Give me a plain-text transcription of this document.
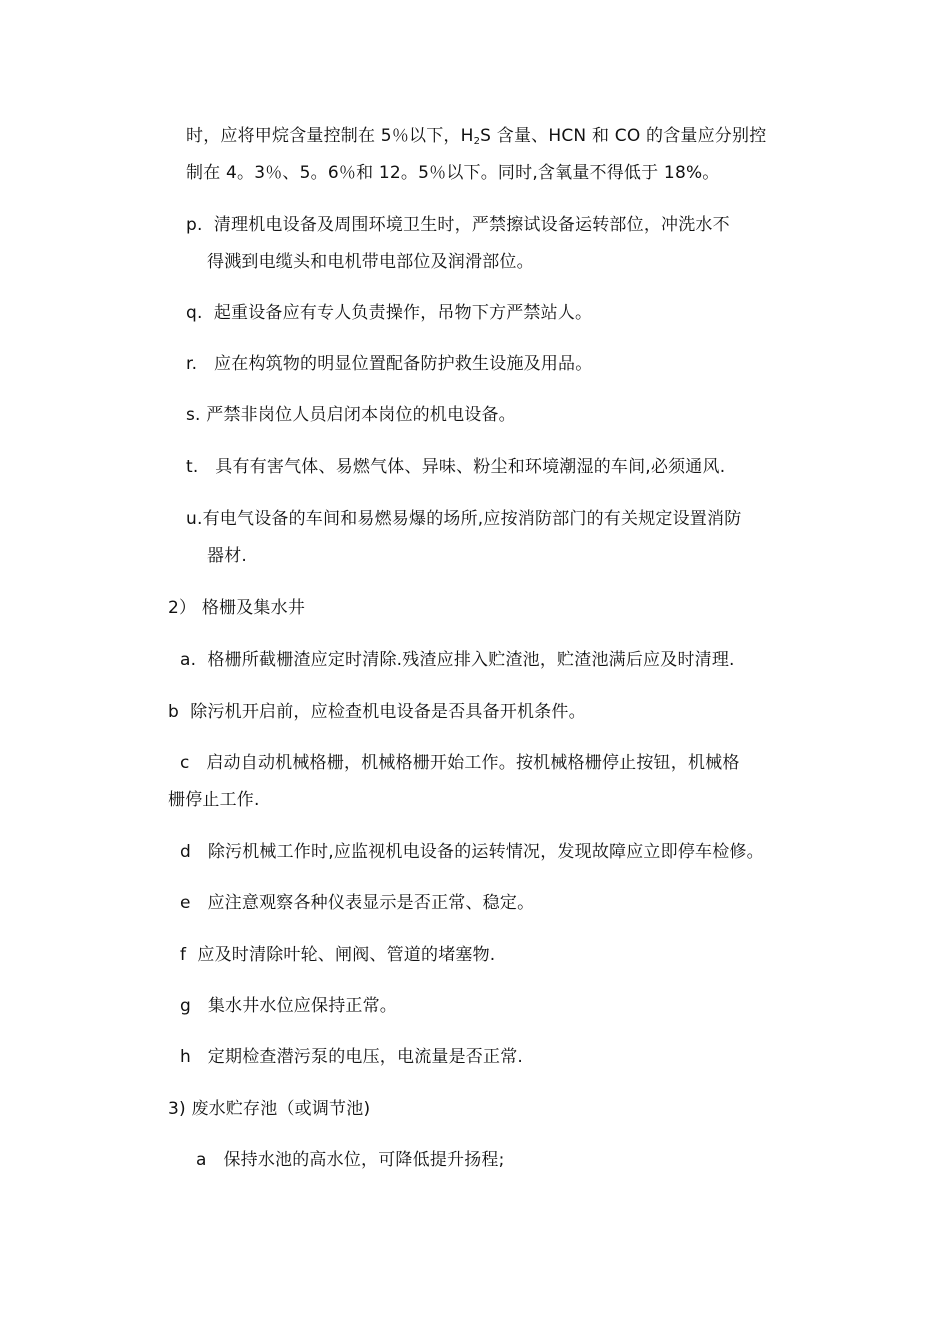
时，应将甲烷含量控制在 5％以下，$H_2S$ 含量、HCN 和 CO 的含量应分别控
制在 4。3％、5。6％和 12。5％以下。同时,含氧量不得低于 18%。
p. 清理机电设备及周围环境卫生时，严禁擦试设备运转部位，冲洗水不
得溅到电缆头和电机带电部位及润滑部位。
q. 起重设备应有专人负责操作，吊物下方严禁站人。
r. 应在构筑物的明显位置配备防护救生设施及用品。
s. 严禁非岗位人员启闭本岗位的机电设备。
t. 具有有害气体、易燃气体、异味、粉尘和环境潮湿的车间,必须通风.
u.有电气设备的车间和易燃易爆的场所,应按消防部门的有关规定设置消防
器材.
2） 格栅及集水井
a. 格栅所截栅渣应定时清除.残渣应排入贮渣池，贮渣池满后应及时清理.
b 除污机开启前，应检查机电设备是否具备开机条件。
c 启动自动机械格栅，机械格栅开始工作。按机械格栅停止按钮，机械格
栅停止工作.
d 除污机械工作时,应监视机电设备的运转情况，发现故障应立即停车检修。
e 应注意观察各种仪表显示是否正常、稳定。
f 应及时清除叶轮、闸阀、管道的堵塞物.
g 集水井水位应保持正常。
h 定期检查潜污泵的电压，电流量是否正常.
3) 废水贮存池（或调节池)
a 保持水池的高水位，可降低提升扬程;
